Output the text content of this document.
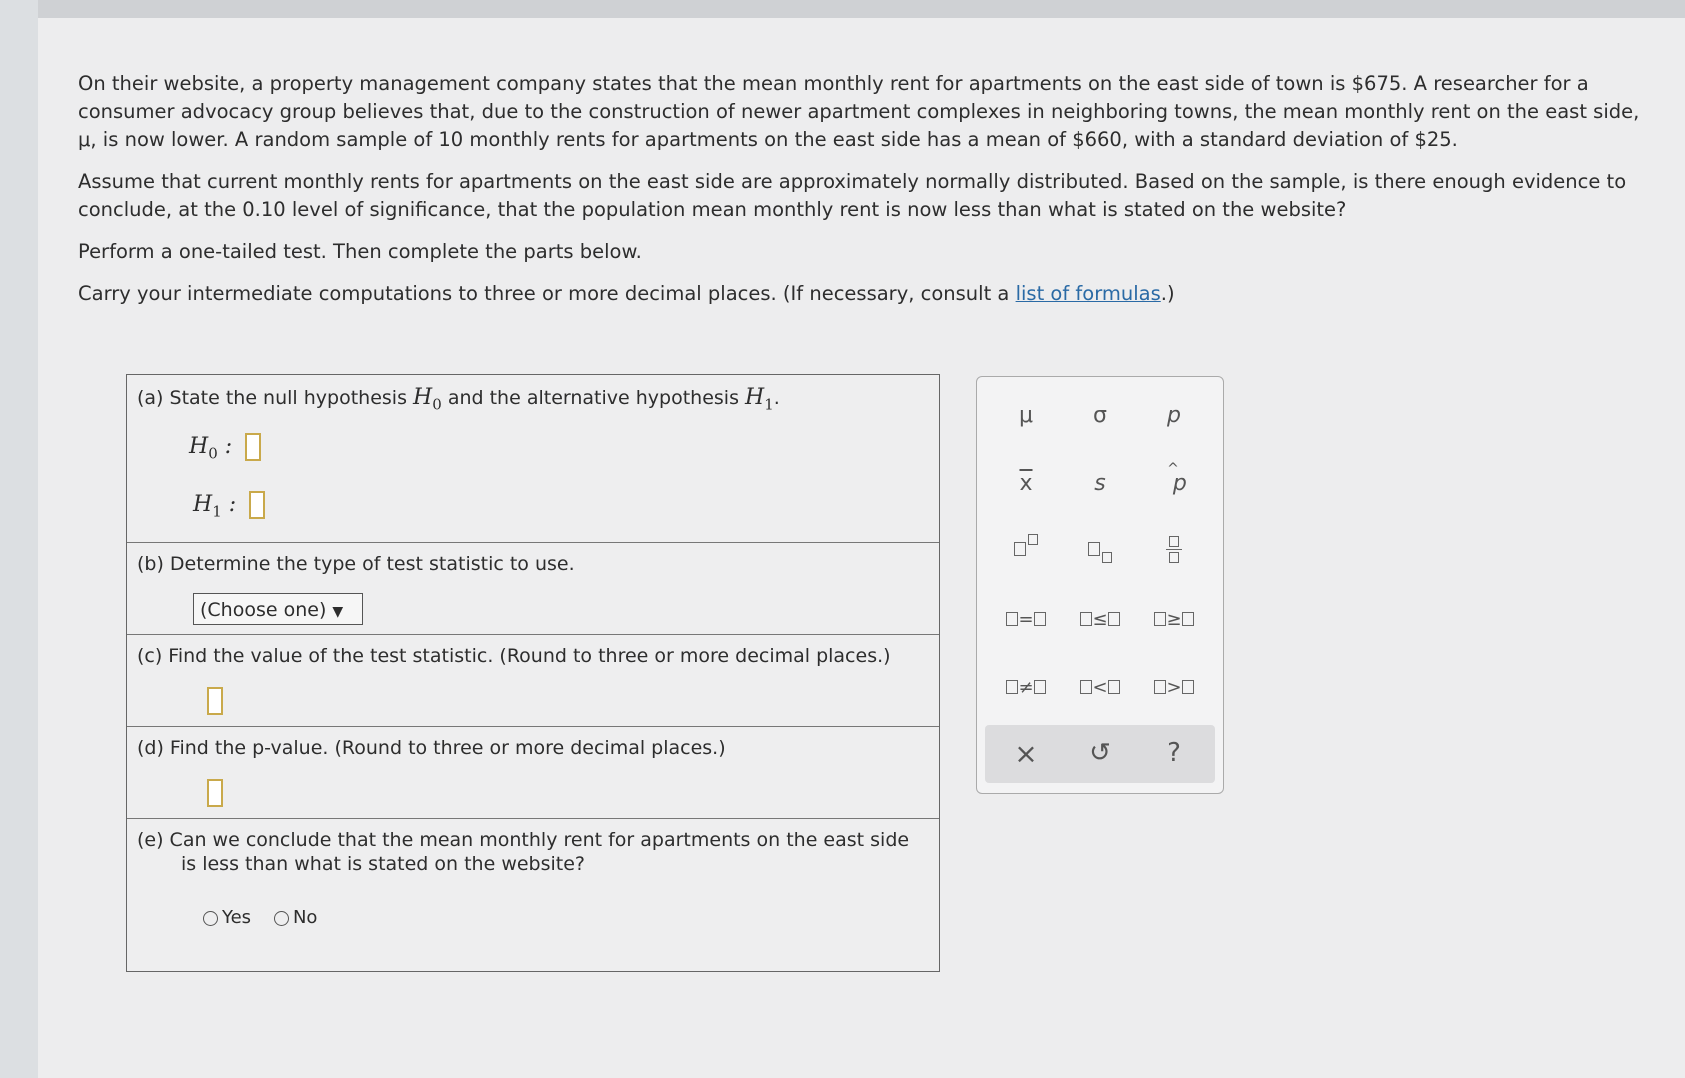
On their website, a property management company states that the mean monthly rent for apartments on the east side of town is $675. A researcher for a consumer advocacy group believes that, due to the construction of newer apartment complexes in neighboring towns, the mean monthly rent on the east side, μ, is now lower. A random sample of 10 monthly rents for apartments on the east side has a mean of $660, with a standard deviation of $25.

Assume that current monthly rents for apartments on the east side are approximately normally distributed. Based on the sample, is there enough evidence to conclude, at the 0.10 level of significance, that the population mean monthly rent is now less than what is stated on the website?

Perform a one-tailed test. Then complete the parts below.

Carry your intermediate computations to three or more decimal places. (If necessary, consult a list of formulas.)

(a) State the null hypothesis $H_0$ and the alternative hypothesis $H_1$.
$H_0$ :
$H_1$ :
(b) Determine the type of test statistic to use.
(Choose one) ▼
(c) Find the value of the test statistic. (Round to three or more decimal places.)
(d) Find the p-value. (Round to three or more decimal places.)
(e) Can we conclude that the mean monthly rent for apartments on the east side
is less than what is stated on the website?
Yes No
μ	σ	p
$\overline{x}$	s
^
p
=	≤	≥
≠	<	>
×	↺	?
